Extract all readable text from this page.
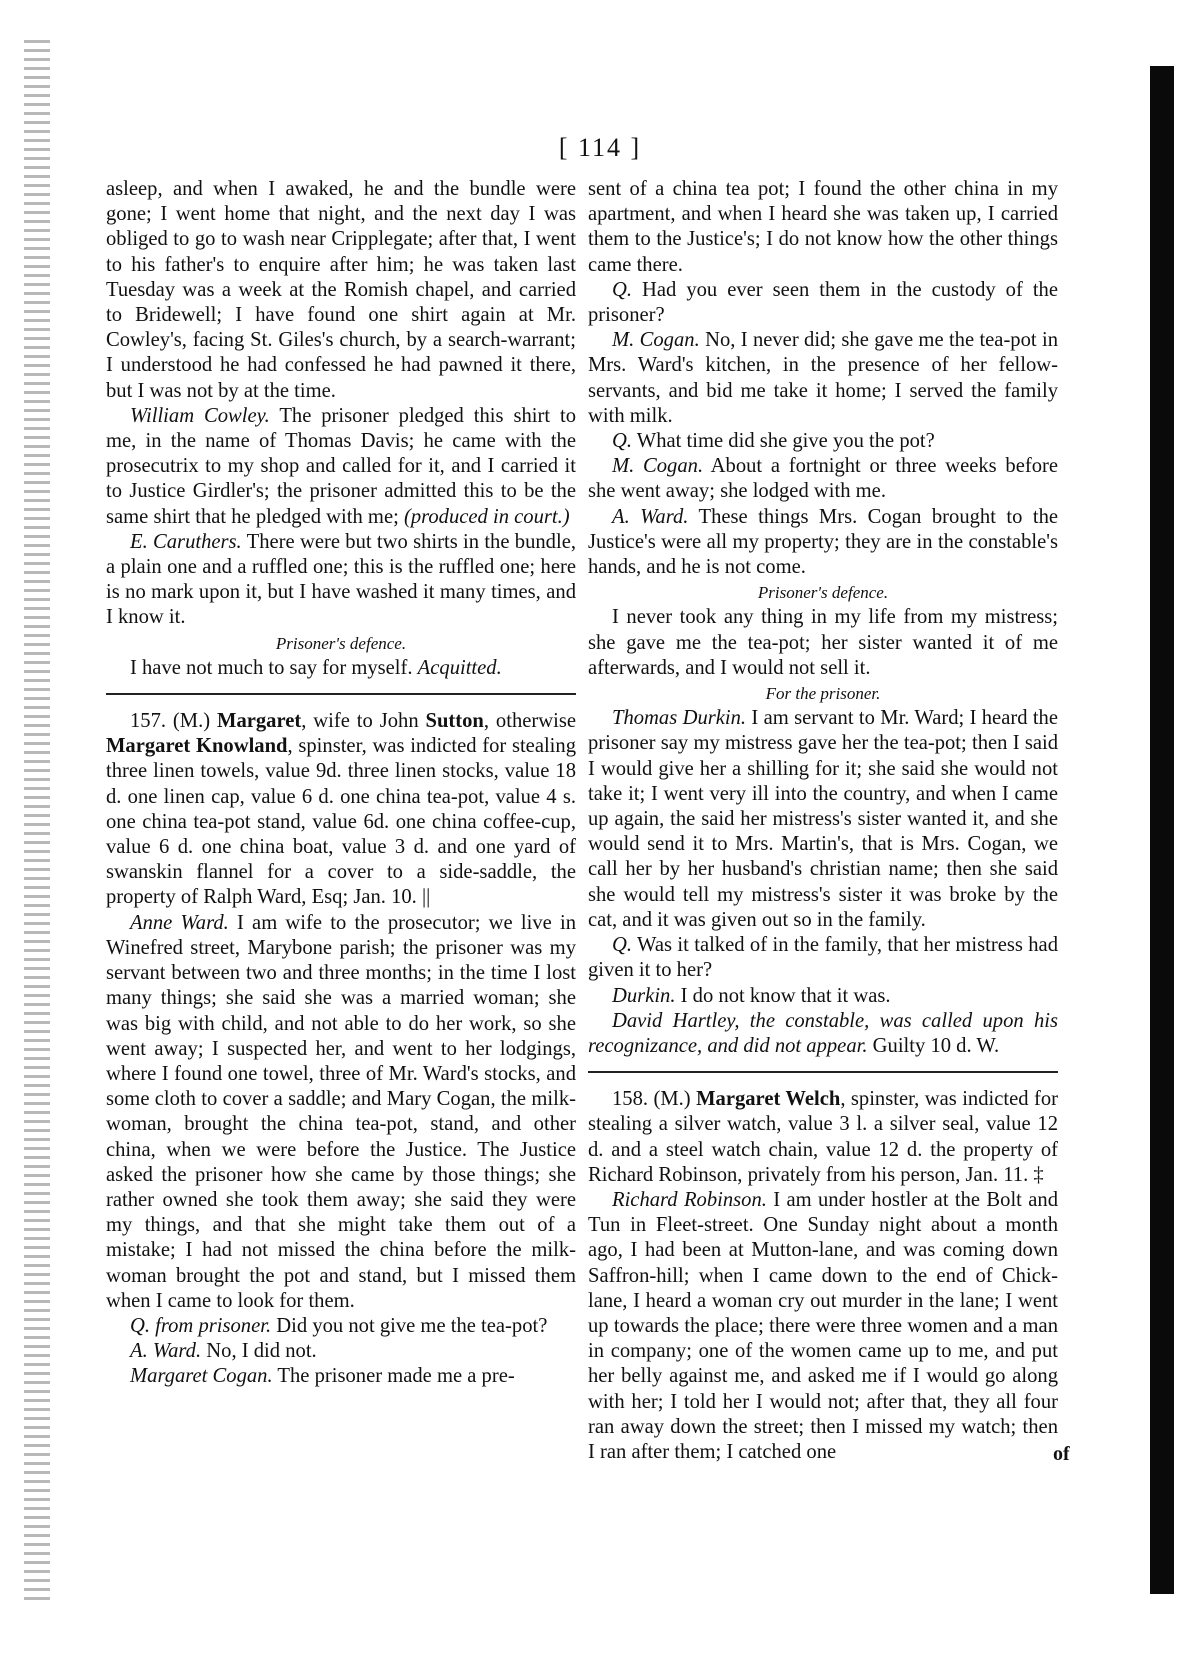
[ 114 ]

asleep, and when I awaked, he and the bundle were gone; I went home that night, and the next day I was obliged to go to wash near Cripplegate; after that, I went to his father's to enquire after him; he was taken last Tuesday was a week at the Romish chapel, and carried to Bridewell; I have found one shirt again at Mr. Cowley's, facing St. Giles's church, by a search-warrant; I understood he had confessed he had pawned it there, but I was not by at the time.

William Cowley. The prisoner pledged this shirt to me, in the name of Thomas Davis; he came with the prosecutrix to my shop and called for it, and I carried it to Justice Girdler's; the prisoner admitted this to be the same shirt that he pledged with me; (produced in court.)

E. Caruthers. There were but two shirts in the bundle, a plain one and a ruffled one; this is the ruffled one; here is no mark upon it, but I have washed it many times, and I know it.

Prisoner's defence.

I have not much to say for myself. Acquitted.

157. (M.) Margaret, wife to John Sutton, otherwise Margaret Knowland, spinster, was indicted for stealing three linen towels, value 9d. three linen stocks, value 18 d. one linen cap, value 6 d. one china tea-pot, value 4 s. one china tea-pot stand, value 6d. one china coffee-cup, value 6 d. one china boat, value 3 d. and one yard of swanskin flannel for a cover to a side-saddle, the property of Ralph Ward, Esq; Jan. 10. ||

Anne Ward. I am wife to the prosecutor; we live in Winefred street, Marybone parish; the prisoner was my servant between two and three months; in the time I lost many things; she said she was a married woman; she was big with child, and not able to do her work, so she went away; I suspected her, and went to her lodgings, where I found one towel, three of Mr. Ward's stocks, and some cloth to cover a saddle; and Mary Cogan, the milk-woman, brought the china tea-pot, stand, and other china, when we were before the Justice. The Justice asked the prisoner how she came by those things; she rather owned she took them away; she said they were my things, and that she might take them out of a mistake; I had not missed the china before the milk-woman brought the pot and stand, but I missed them when I came to look for them.

Q. from prisoner. Did you not give me the tea-pot?

A. Ward. No, I did not.

Margaret Cogan. The prisoner made me a pre-

sent of a china tea pot; I found the other china in my apartment, and when I heard she was taken up, I carried them to the Justice's; I do not know how the other things came there.

Q. Had you ever seen them in the custody of the prisoner?

M. Cogan. No, I never did; she gave me the tea-pot in Mrs. Ward's kitchen, in the presence of her fellow-servants, and bid me take it home; I served the family with milk.

Q. What time did she give you the pot?

M. Cogan. About a fortnight or three weeks before she went away; she lodged with me.

A. Ward. These things Mrs. Cogan brought to the Justice's were all my property; they are in the constable's hands, and he is not come.

Prisoner's defence.

I never took any thing in my life from my mistress; she gave me the tea-pot; her sister wanted it of me afterwards, and I would not sell it.

For the prisoner.

Thomas Durkin. I am servant to Mr. Ward; I heard the prisoner say my mistress gave her the tea-pot; then I said I would give her a shilling for it; she said she would not take it; I went very ill into the country, and when I came up again, the said her mistress's sister wanted it, and she would send it to Mrs. Martin's, that is Mrs. Cogan, we call her by her husband's christian name; then she said she would tell my mistress's sister it was broke by the cat, and it was given out so in the family.

Q. Was it talked of in the family, that her mistress had given it to her?

Durkin. I do not know that it was.

David Hartley, the constable, was called upon his recognizance, and did not appear. Guilty 10 d. W.

158. (M.) Margaret Welch, spinster, was indicted for stealing a silver watch, value 3 l. a silver seal, value 12 d. and a steel watch chain, value 12 d. the property of Richard Robinson, privately from his person, Jan. 11. ‡

Richard Robinson. I am under hostler at the Bolt and Tun in Fleet-street. One Sunday night about a month ago, I had been at Mutton-lane, and was coming down Saffron-hill; when I came down to the end of Chick-lane, I heard a woman cry out murder in the lane; I went up towards the place; there were three women and a man in company; one of the women came up to me, and put her belly against me, and asked me if I would go along with her; I told her I would not; after that, they all four ran away down the street; then I missed my watch; then I ran after them; I catched one	of
